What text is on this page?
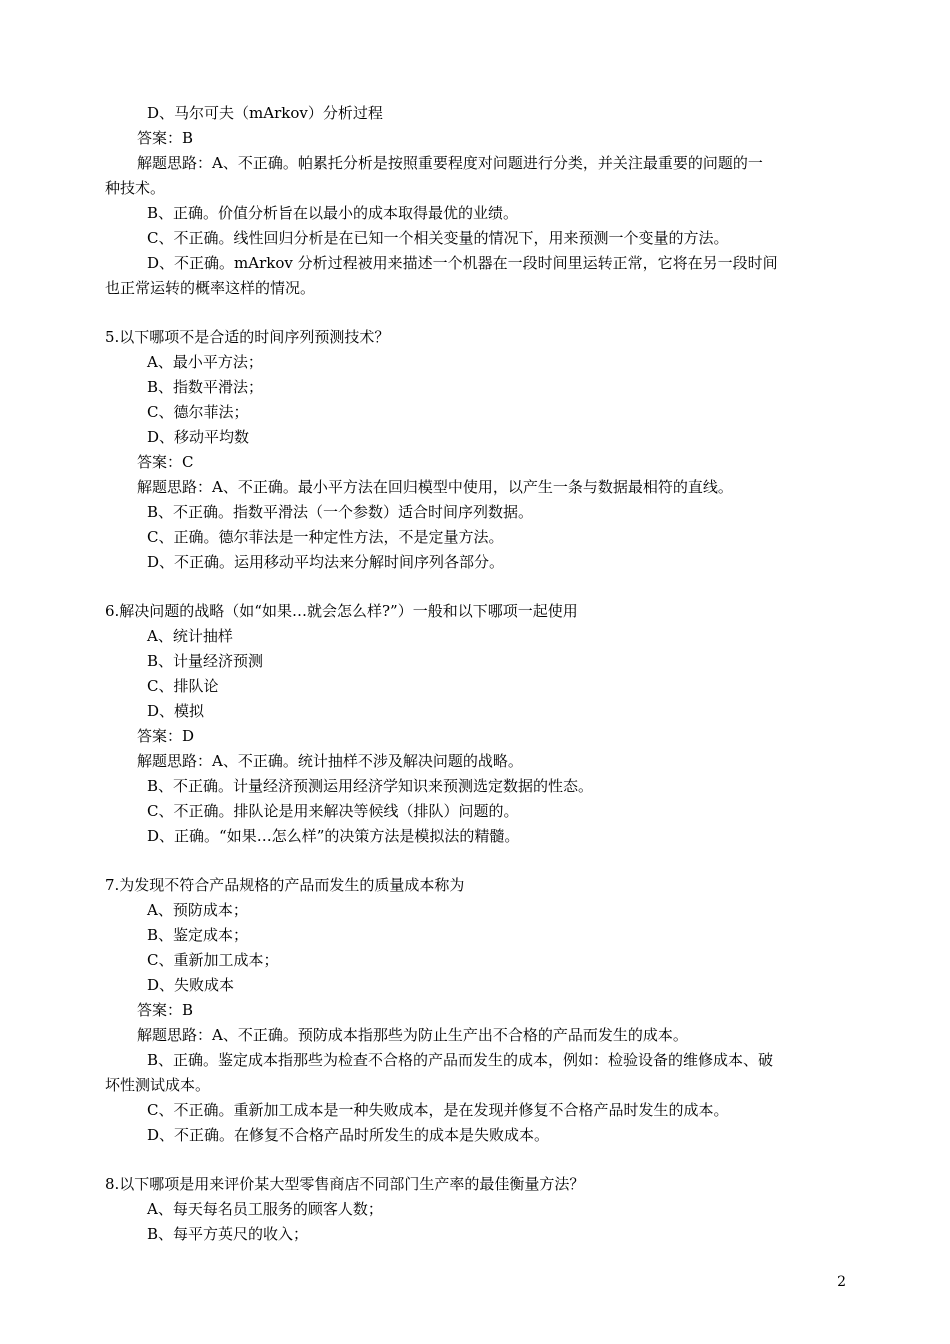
D、马尔可夫（mArkov）分析过程
答案：B
解题思路：A、不正确。帕累托分析是按照重要程度对问题进行分类，并关注最重要的问题的一
种技术。
B、正确。价值分析旨在以最小的成本取得最优的业绩。
C、不正确。线性回归分析是在已知一个相关变量的情况下，用来预测一个变量的方法。
D、不正确。mArkov 分析过程被用来描述一个机器在一段时间里运转正常，它将在另一段时间
也正常运转的概率这样的情况。
5.以下哪项不是合适的时间序列预测技术？
A、最小平方法；
B、指数平滑法；
C、德尔菲法；
D、移动平均数
答案：C
解题思路：A、不正确。最小平方法在回归模型中使用，以产生一条与数据最相符的直线。
B、不正确。指数平滑法（一个参数）适合时间序列数据。
C、正确。德尔菲法是一种定性方法，不是定量方法。
D、不正确。运用移动平均法来分解时间序列各部分。
6.解决问题的战略（如“如果…就会怎么样?”）一般和以下哪项一起使用
A、统计抽样
B、计量经济预测
C、排队论
D、模拟
答案：D
解题思路：A、不正确。统计抽样不涉及解决问题的战略。
B、不正确。计量经济预测运用经济学知识来预测选定数据的性态。
C、不正确。排队论是用来解决等候线（排队）问题的。
D、正确。“如果…怎么样”的决策方法是模拟法的精髓。
7.为发现不符合产品规格的产品而发生的质量成本称为
A、预防成本；
B、鉴定成本；
C、重新加工成本；
D、失败成本
答案：B
解题思路：A、不正确。预防成本指那些为防止生产出不合格的产品而发生的成本。
B、正确。鉴定成本指那些为检查不合格的产品而发生的成本，例如：检验设备的维修成本、破
坏性测试成本。
C、不正确。重新加工成本是一种失败成本，是在发现并修复不合格产品时发生的成本。
D、不正确。在修复不合格产品时所发生的成本是失败成本。
8.以下哪项是用来评价某大型零售商店不同部门生产率的最佳衡量方法？
A、每天每名员工服务的顾客人数；
B、每平方英尺的收入；
2
